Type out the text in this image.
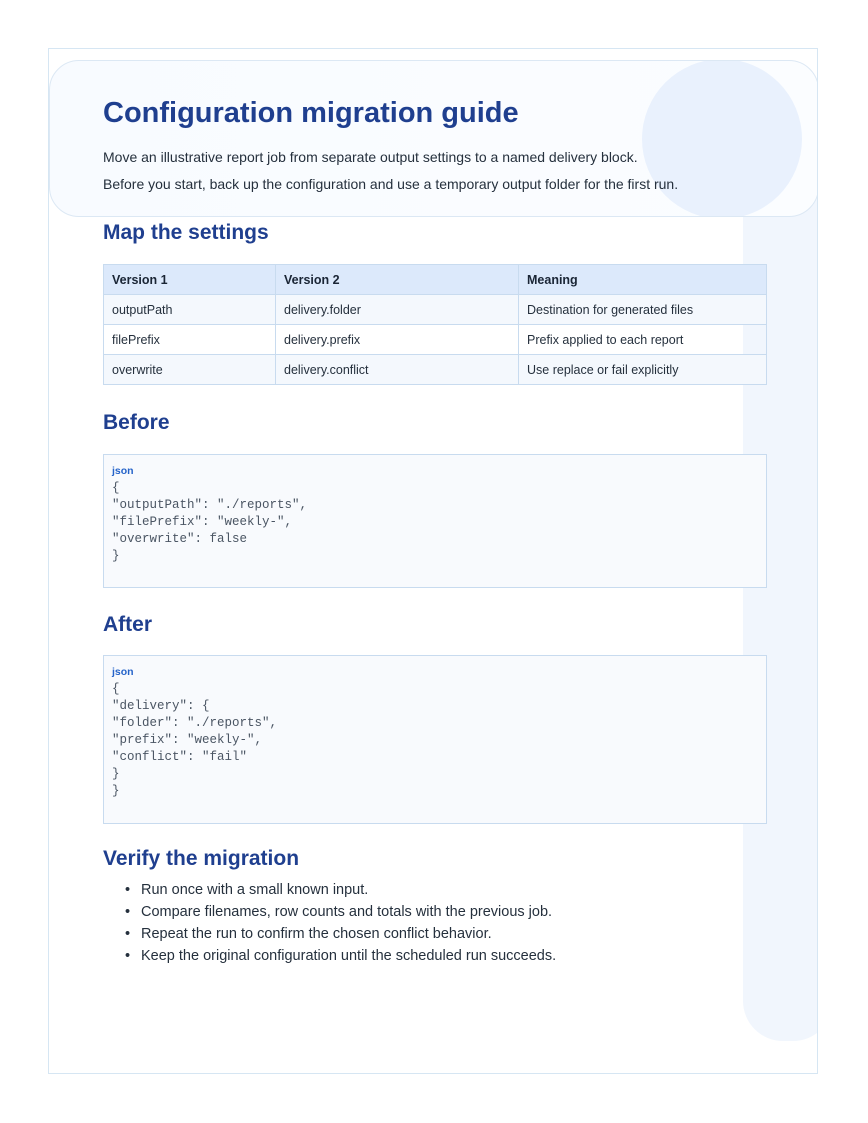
Configuration migration guide

Move an illustrative report job from separate output settings to a named delivery block.

Before you start, back up the configuration and use a temporary output folder for the first run.

Map the settings
Version 1	Version 2	Meaning
outputPath	delivery.folder	Destination for generated files
filePrefix	delivery.prefix	Prefix applied to each report
overwrite	delivery.conflict	Use replace or fail explicitly
Before
json
{
"outputPath": "./reports",
"filePrefix": "weekly-",
"overwrite": false
}
After
json
{
"delivery": {
"folder": "./reports",
"prefix": "weekly-",
"conflict": "fail"
}
}
Verify the migration
• Run once with a small known input.
• Compare filenames, row counts and totals with the previous job.
• Repeat the run to confirm the chosen conflict behavior.
• Keep the original configuration until the scheduled run succeeds.
